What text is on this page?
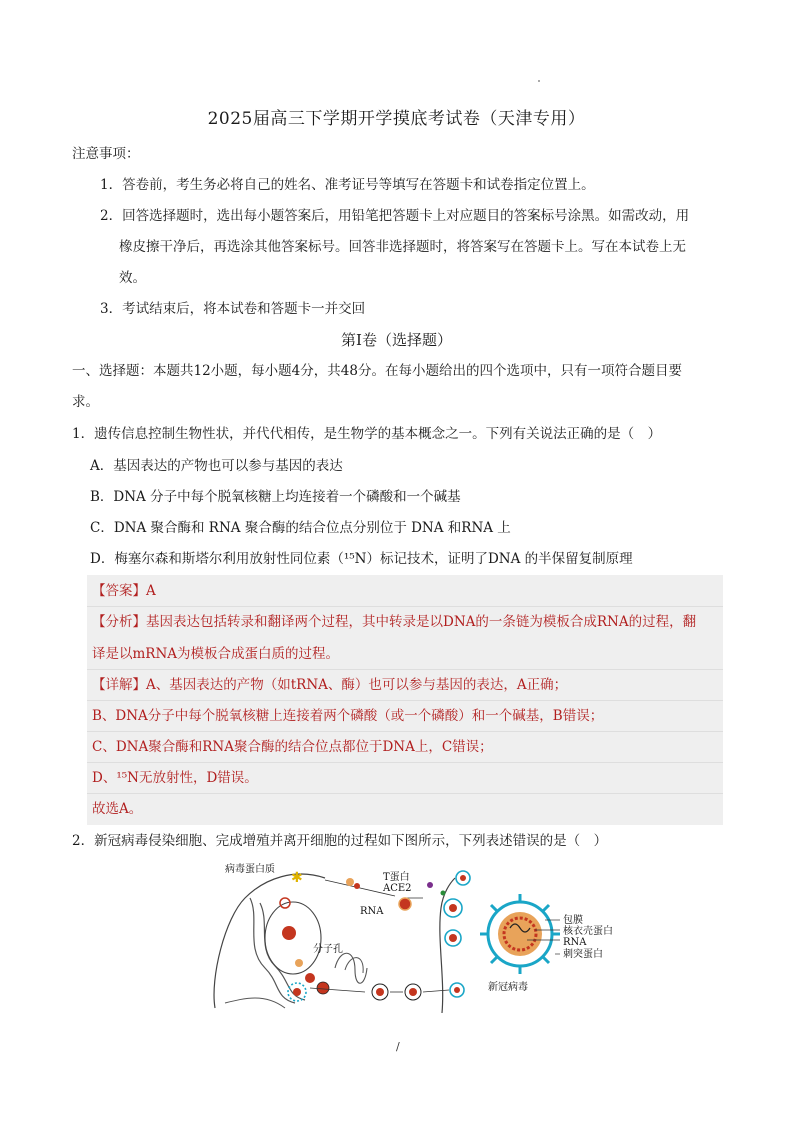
2025届高三下学期开学摸底考试卷（天津专用）
注意事项：
1．答卷前，考生务必将自己的姓名、准考证号等填写在答题卡和试卷指定位置上。
2．回答选择题时，选出每小题答案后，用铅笔把答题卡上对应题目的答案标号涂黑。如需改动，用
橡皮擦干净后，再选涂其他答案标号。回答非选择题时，将答案写在答题卡上。写在本试卷上无
效。
3．考试结束后，将本试卷和答题卡一并交回
第Ⅰ卷（选择题）
一、选择题：本题共12小题，每小题4分，共48分。在每小题给出的四个选项中，只有一项符合题目要
求。
1．遗传信息控制生物性状，并代代相传，是生物学的基本概念之一。下列有关说法正确的是（　）
A．基因表达的产物也可以参与基因的表达
B．DNA 分子中每个脱氧核糖上均连接着一个磷酸和一个碱基
C．DNA 聚合酶和 RNA 聚合酶的结合位点分别位于 DNA 和RNA 上
D．梅塞尔森和斯塔尔利用放射性同位素（¹⁵N）标记技术，证明了DNA 的半保留复制原理
【答案】A
【分析】基因表达包括转录和翻译两个过程，其中转录是以DNA的一条链为模板合成RNA的过程，翻
译是以mRNA为模板合成蛋白质的过程。
【详解】A、基因表达的产物（如tRNA、酶）也可以参与基因的表达，A正确；
B、DNA分子中每个脱氧核糖上连接着两个磷酸（或一个磷酸）和一个碱基，B错误；
C、DNA聚合酶和RNA聚合酶的结合位点都位于DNA上，C错误；
D、¹⁵N无放射性，D错误。
故选A。
2．新冠病毒侵染细胞、完成增殖并离开细胞的过程如下图所示，下列表述错误的是（　）
✱
病毒蛋白质
T蛋白
ACE2
RNA
分子孔
包膜
核衣壳蛋白
RNA
刺突蛋白
新冠病毒
/
